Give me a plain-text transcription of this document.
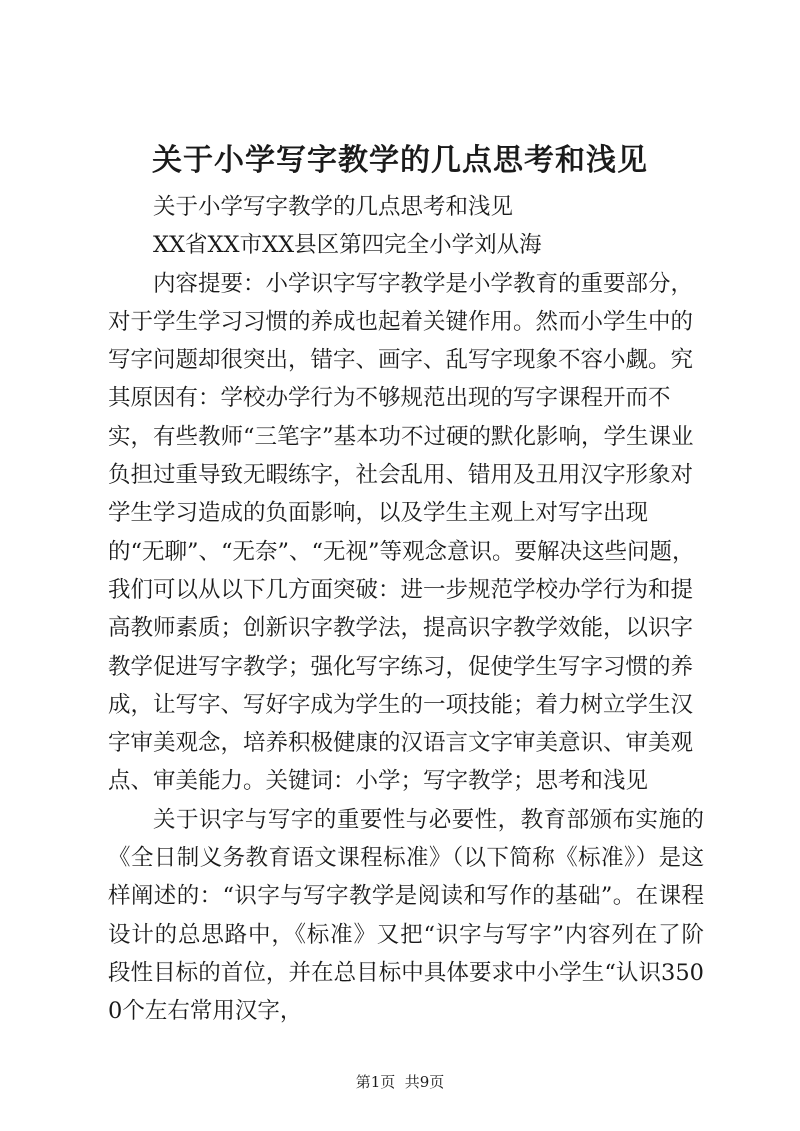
关于小学写字教学的几点思考和浅见

关于小学写字教学的几点思考和浅见

XX省XX市XX县区第四完全小学刘从海

内容提要：小学识字写字教学是小学教育的重要部分，对于学生学习习惯的养成也起着关键作用。然而小学生中的写字问题却很突出，错字、画字、乱写字现象不容小觑。究其原因有：学校办学行为不够规范出现的写字课程开而不实，有些教师“三笔字”基本功不过硬的默化影响，学生课业负担过重导致无暇练字，社会乱用、错用及丑用汉字形象对学生学习造成的负面影响，以及学生主观上对写字出现的“无聊”、“无奈”、“无视”等观念意识。要解决这些问题，我们可以从以下几方面突破：进一步规范学校办学行为和提高教师素质；创新识字教学法，提高识字教学效能，以识字教学促进写字教学；强化写字练习，促使学生写字习惯的养成，让写字、写好字成为学生的一项技能；着力树立学生汉字审美观念，培养积极健康的汉语言文字审美意识、审美观点、审美能力。关键词：小学；写字教学；思考和浅见

关于识字与写字的重要性与必要性，教育部颁布实施的《全日制义务教育语文课程标准》（以下简称《标准》）是这样阐述的：“识字与写字教学是阅读和写作的基础”。在课程设计的总思路中，《标准》又把“识字与写字”内容列在了阶段性目标的首位，并在总目标中具体要求中小学生“认识3500个左右常用汉字，

第1页  共9页
